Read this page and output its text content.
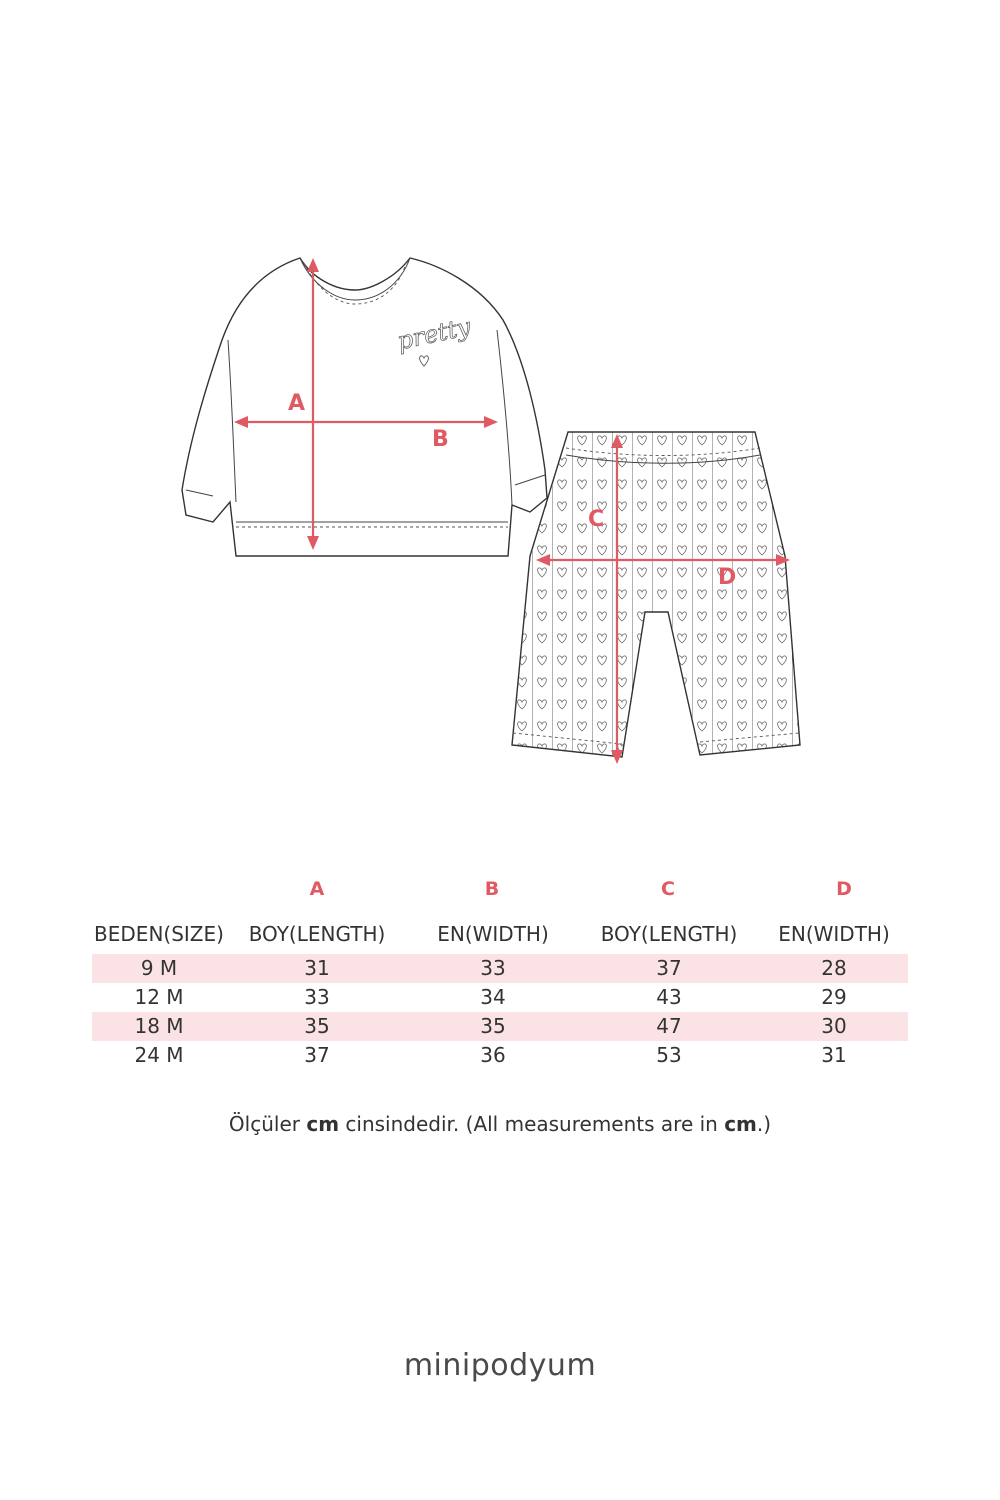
pretty
A
B
C
D
A	B	C	D
BEDEN(SIZE)	BOY(LENGTH)	EN(WIDTH)	BOY(LENGTH)	EN(WIDTH)
9 M	31	33	37	28
12 M	33	34	43	29
18 M	35	35	47	30
24 M	37	36	53	31
Ölçüler cm cinsindedir. (All measurements are in cm.)
minipodyum
